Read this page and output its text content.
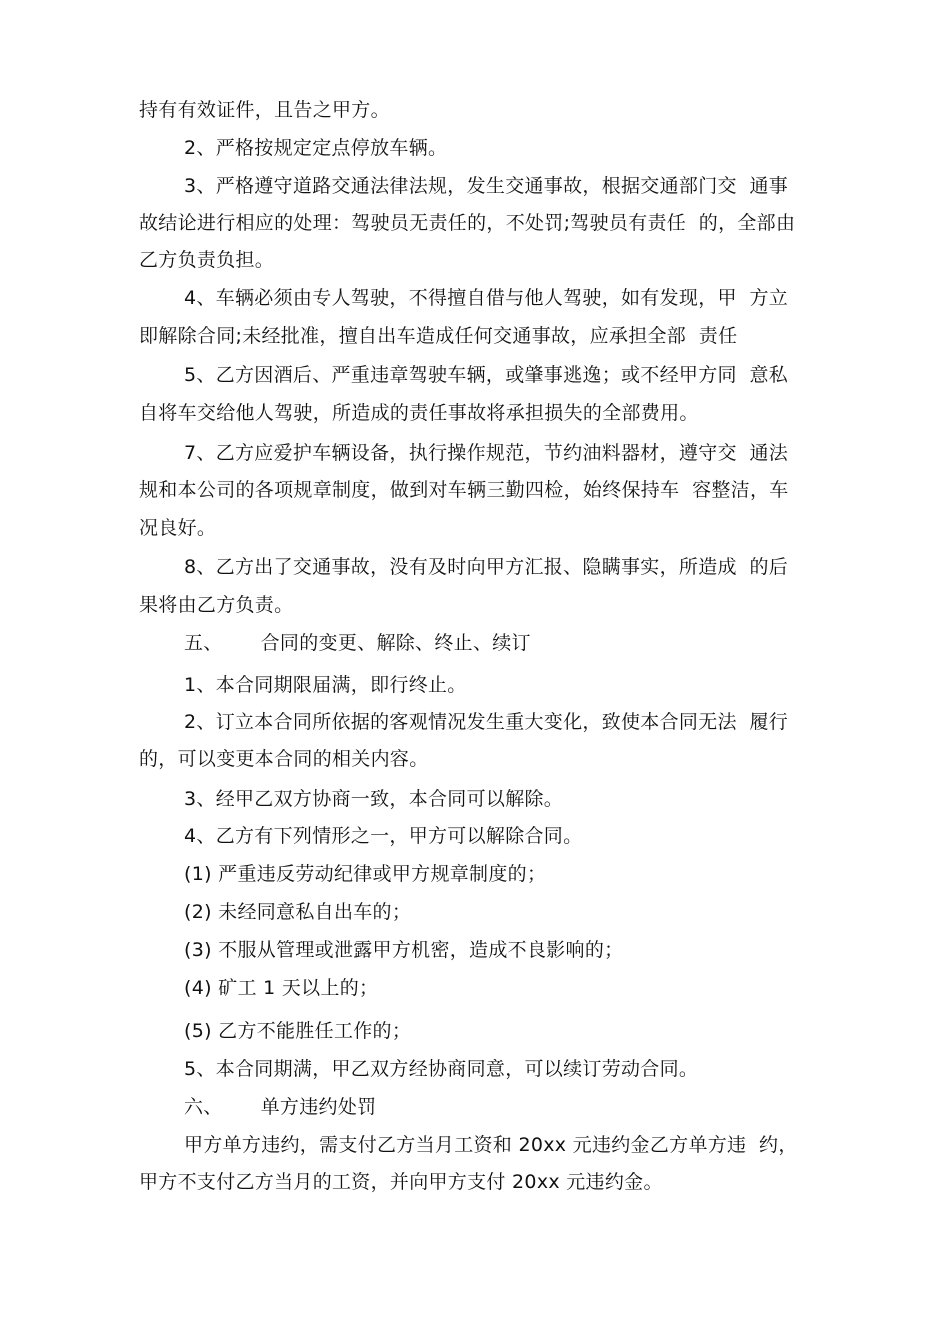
持有有效证件，且告之甲方。
2、严格按规定定点停放车辆。
3、严格遵守道路交通法律法规，发生交通事故，根据交通部门交  通事
故结论进行相应的处理：驾驶员无责任的，不处罚;驾驶员有责任  的，全部由
乙方负责负担。
4、车辆必须由专人驾驶，不得擅自借与他人驾驶，如有发现，甲  方立
即解除合同;未经批准，擅自出车造成任何交通事故，应承担全部  责任
5、乙方因酒后、严重违章驾驶车辆，或肇事逃逸；或不经甲方同  意私
自将车交给他人驾驶，所造成的责任事故将承担损失的全部费用。
7、乙方应爱护车辆设备，执行操作规范，节约油料器材，遵守交  通法
规和本公司的各项规章制度，做到对车辆三勤四检，始终保持车  容整洁，车
况良好。
8、乙方出了交通事故，没有及时向甲方汇报、隐瞒事实，所造成  的后
果将由乙方负责。
五、      合同的变更、解除、终止、续订
1、本合同期限届满，即行终止。
2、订立本合同所依据的客观情况发生重大变化，致使本合同无法  履行
的，可以变更本合同的相关内容。
3、经甲乙双方协商一致，本合同可以解除。
4、乙方有下列情形之一，甲方可以解除合同。
(1) 严重违反劳动纪律或甲方规章制度的；
(2) 未经同意私自出车的；
(3) 不服从管理或泄露甲方机密，造成不良影响的；
(4) 矿工 1 天以上的；
(5) 乙方不能胜任工作的；
5、本合同期满，甲乙双方经协商同意，可以续订劳动合同。
六、      单方违约处罚
甲方单方违约，需支付乙方当月工资和 20xx 元违约金乙方单方违  约，
甲方不支付乙方当月的工资，并向甲方支付 20xx 元违约金。
